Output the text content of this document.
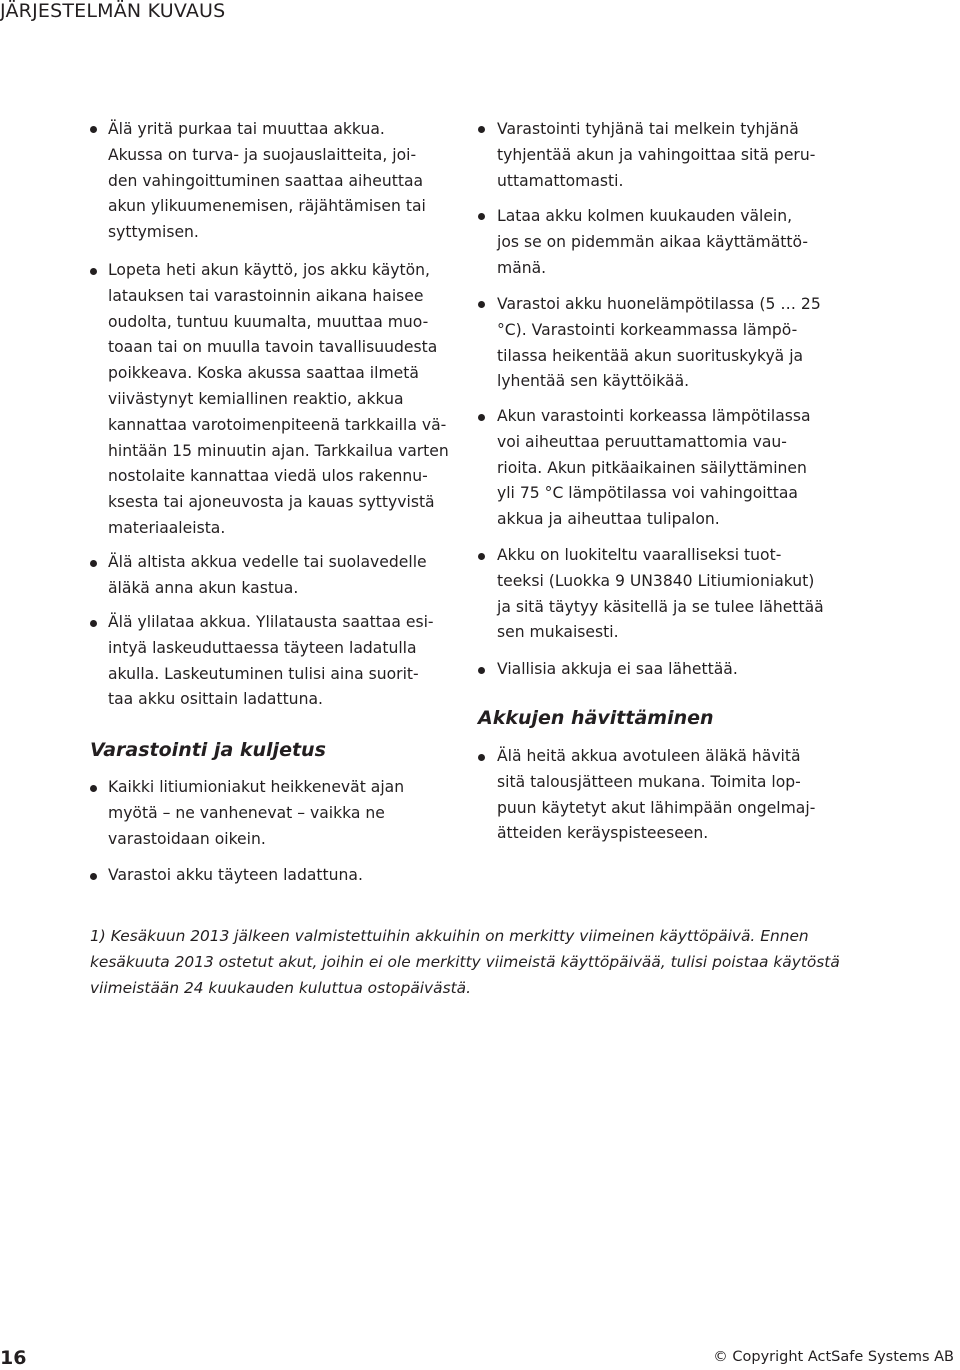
JÄRJESTELMÄN KUVAUS
Älä yritä purkaa tai muuttaa akkua.
Akussa on turva- ja suojauslaitteita, joi-
den vahingoittuminen saattaa aiheuttaa
akun ylikuumenemisen, räjähtämisen tai
syttymisen.
Lopeta heti akun käyttö, jos akku käytön,
latauksen tai varastoinnin aikana haisee
oudolta, tuntuu kuumalta, muuttaa muo-
toaan tai on muulla tavoin tavallisuudesta
poikkeava. Koska akussa saattaa ilmetä
viivästynyt kemiallinen reaktio, akkua
kannattaa varotoimenpiteenä tarkkailla vä-
hintään 15 minuutin ajan. Tarkkailua varten
nostolaite kannattaa viedä ulos rakennu-
ksesta tai ajoneuvosta ja kauas syttyvistä
materiaaleista.
Älä altista akkua vedelle tai suolavedelle
äläkä anna akun kastua.
Älä ylilataa akkua. Ylilatausta saattaa esi-
intyä laskeuduttaessa täyteen ladatulla
akulla. Laskeutuminen tulisi aina suorit-
taa akku osittain ladattuna.
Varastointi ja kuljetus
Kaikki litiumioniakut heikkenevät ajan
myötä – ne vanhenevat – vaikka ne
varastoidaan oikein.
Varastoi akku täyteen ladattuna.
Varastointi tyhjänä tai melkein tyhjänä
tyhjentää akun ja vahingoittaa sitä peru-
uttamattomasti.
Lataa akku kolmen kuukauden välein,
jos se on pidemmän aikaa käyttämättö-
mänä.
Varastoi akku huonelämpötilassa (5 … 25
°C). Varastointi korkeammassa lämpö-
tilassa heikentää akun suorituskykyä ja
lyhentää sen käyttöikää.
Akun varastointi korkeassa lämpötilassa
voi aiheuttaa peruuttamattomia vau-
rioita. Akun pitkäaikainen säilyttäminen
yli 75 °C lämpötilassa voi vahingoittaa
akkua ja aiheuttaa tulipalon.
Akku on luokiteltu vaaralliseksi tuot-
teeksi (Luokka 9 UN3840 Litiumioniakut)
ja sitä täytyy käsitellä ja se tulee lähettää
sen mukaisesti.
Viallisia akkuja ei saa lähettää.
Akkujen hävittäminen
Älä heitä akkua avotuleen äläkä hävitä
sitä talousjätteen mukana. Toimita lop-
puun käytetyt akut lähimpään ongelmaj-
ätteiden keräyspisteeseen.
1) Kesäkuun 2013 jälkeen valmistettuihin akkuihin on merkitty viimeinen käyttöpäivä. Ennen
kesäkuuta 2013 ostetut akut, joihin ei ole merkitty viimeistä käyttöpäivää, tulisi poistaa käytöstä
viimeistään 24 kuukauden kuluttua ostopäivästä.
16	© Copyright ActSafe Systems AB
